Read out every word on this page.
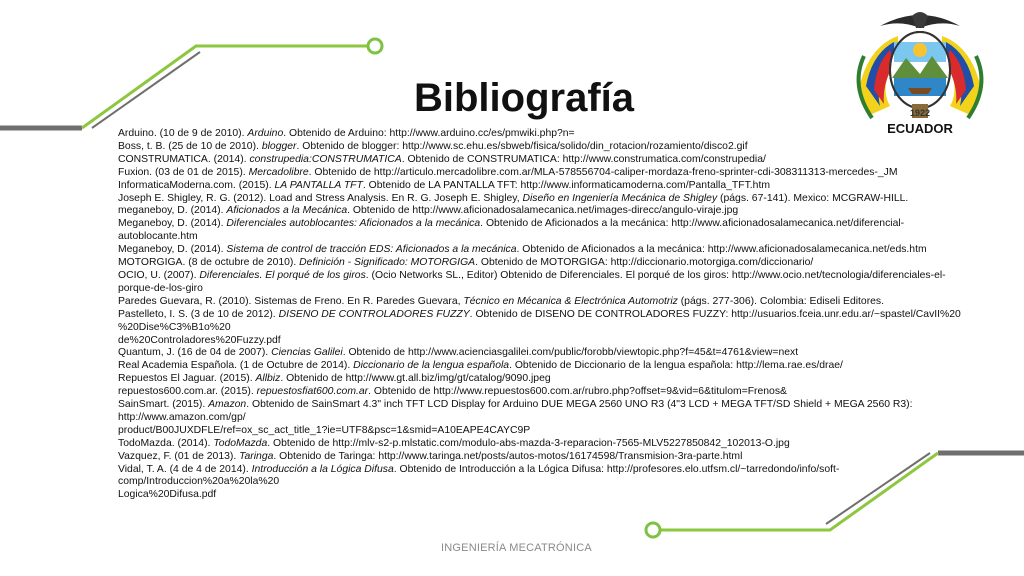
Bibliografía	1922
ECUADOR

Arduino. (10 de 9 de 2010). Arduino. Obtenido de Arduino: http://www.arduino.cc/es/pmwiki.php?n=

Boss, t. B. (25 de 10 de 2010). blogger. Obtenido de blogger: http://www.sc.ehu.es/sbweb/fisica/solido/din_rotacion/rozamiento/disco2.gif

CONSTRUMATICA. (2014). construpedia:CONSTRUMATICA. Obtenido de CONSTRUMATICA: http://www.construmatica.com/construpedia/

Fuxion. (03 de 01 de 2015). Mercadolibre. Obtenido de http://articulo.mercadolibre.com.ar/MLA-578556704-caliper-mordaza-freno-sprinter-cdi-308311313-mercedes-_JM

InformaticaModerna.com. (2015). LA PANTALLA TFT. Obtenido de LA PANTALLA TFT: http://www.informaticamoderna.com/Pantalla_TFT.htm

Joseph E. Shigley, R. G. (2012). Load and Stress Analysis. En R. G. Joseph E. Shigley, Diseño en Ingeniería Mecánica de Shigley (págs. 67-141). Mexico: MCGRAW-HILL.

meganeboy, D. (2014). Aficionados a la Mecánica. Obtenido de http://www.aficionadosalamecanica.net/images-direcc/angulo-viraje.jpg

Meganeboy, D. (2014). Diferenciales autoblocantes: Aficionados a la mecánica. Obtenido de Aficionados a la mecánica: http://www.aficionadosalamecanica.net/diferencial-

autoblocante.htm

Meganeboy, D. (2014). Sistema de control de tracción EDS: Aficionados a la mecánica. Obtenido de Aficionados a la mecánica: http://www.aficionadosalamecanica.net/eds.htm

MOTORGIGA. (8 de octubre de 2010). Definición - Significado: MOTORGIGA. Obtenido de MOTORGIGA: http://diccionario.motorgiga.com/diccionario/

OCIO, U. (2007). Diferenciales. El porqué de los giros. (Ocio Networks SL., Editor) Obtenido de Diferenciales. El porqué de los giros: http://www.ocio.net/tecnologia/diferenciales-el-

porque-de-los-giro

Paredes Guevara, R. (2010). Sistemas de Freno. En R. Paredes Guevara, Técnico en Mécanica & Electrónica Automotriz (págs. 277-306). Colombia: Ediseli Editores.

Pastelleto, I. S. (3 de 10 de 2012). DISEÑO DE CONTROLADORES FUZZY. Obtenido de DISEÑO DE CONTROLADORES FUZZY: http://usuarios.fceia.unr.edu.ar/~spastel/CavII%20

%20Dise%C3%B1o%20

de%20Controladores%20Fuzzy.pdf

Quantum, J. (16 de 04 de 2007). Ciencias Galilei. Obtenido de http://www.acienciasgalilei.com/public/forobb/viewtopic.php?f=45&t=4761&view=next

Real Academia Española. (1 de Octubre de 2014). Diccionario de la lengua española. Obtenido de Diccionario de la lengua española: http://lema.rae.es/drae/

Repuestos El Jaguar. (2015). Allbiz. Obtenido de http://www.gt.all.biz/img/gt/catalog/9090.jpeg

repuestos600.com.ar. (2015). repuestosfiat600.com.ar. Obtenido de http://www.repuestos600.com.ar/rubro.php?offset=9&vid=6&titulom=Frenos&

SainSmart. (2015). Amazon. Obtenido de SainSmart 4.3" inch TFT LCD Display for Arduino DUE MEGA 2560 UNO R3 (4"3 LCD + MEGA TFT/SD Shield + MEGA 2560 R3):

http://www.amazon.com/gp/

product/B00JUXDFLE/ref=ox_sc_act_title_1?ie=UTF8&psc=1&smid=A10EAPE4CAYC9P

TodoMazda. (2014). TodoMazda. Obtenido de http://mlv-s2-p.mlstatic.com/modulo-abs-mazda-3-reparacion-7565-MLV5227850842_102013-O.jpg

Vazquez, F. (01 de 2013). Taringa. Obtenido de Taringa: http://www.taringa.net/posts/autos-motos/16174598/Transmision-3ra-parte.html

Vidal, T. A. (4 de 4 de 2014). Introducción a la Lógica Difusa. Obtenido de Introducción a la Lógica Difusa: http://profesores.elo.utfsm.cl/~tarredondo/info/soft-

comp/Introduccion%20a%20la%20

Logica%20Difusa.pdf

INGENIERÍA MECATRÓNICA
